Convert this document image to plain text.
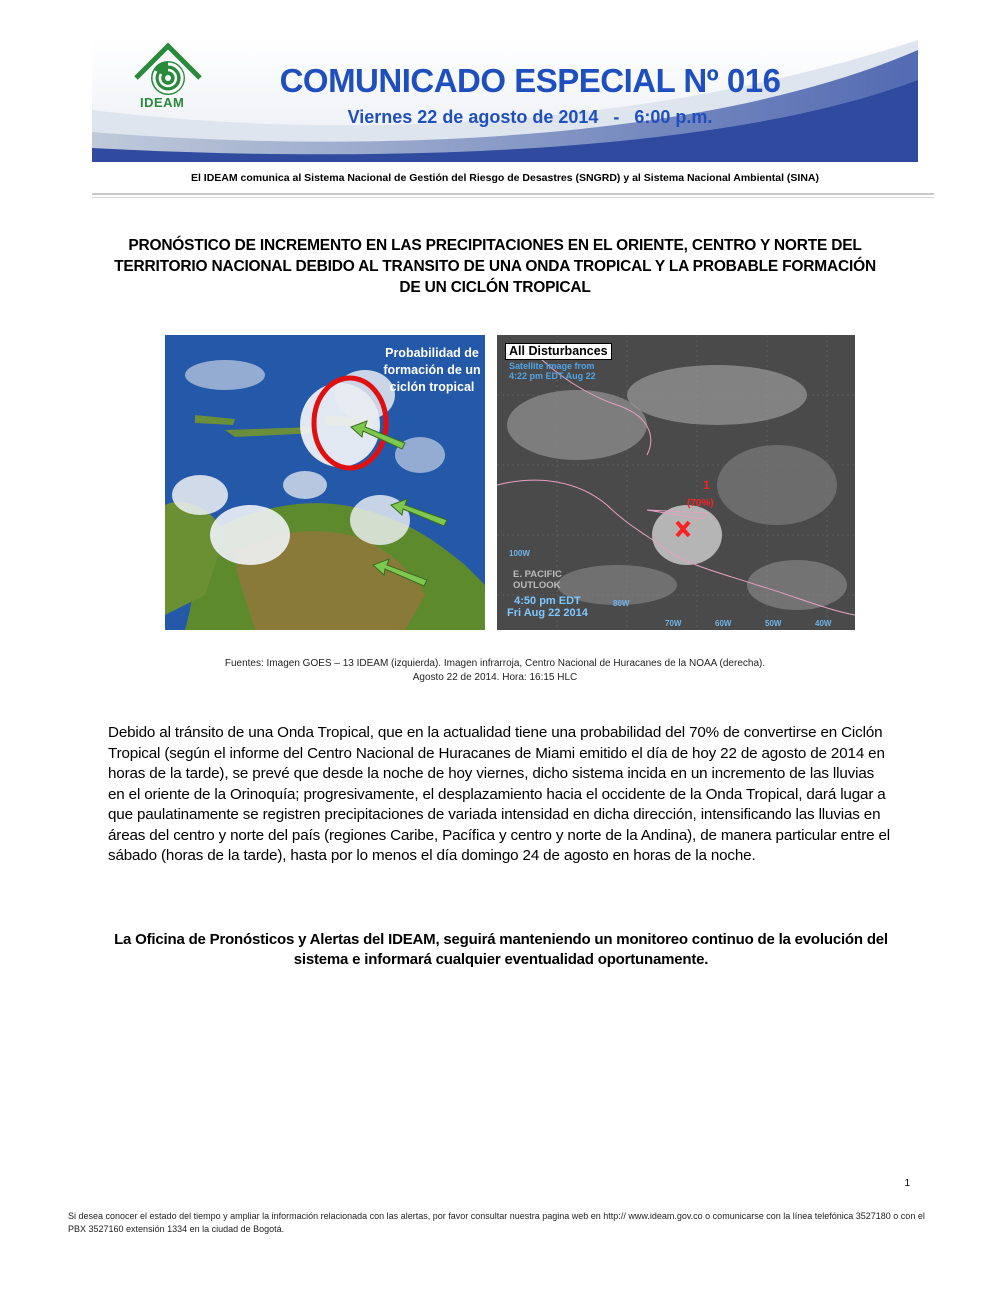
IDEAM
COMUNICADO ESPECIAL Nº 016
Viernes 22 de agosto de 2014   -   6:00 p.m.
El IDEAM comunica al Sistema Nacional de Gestión del Riesgo de Desastres (SNGRD) y al Sistema Nacional Ambiental (SINA)
PRONÓSTICO DE INCREMENTO EN LAS PRECIPITACIONES EN EL ORIENTE, CENTRO Y NORTE DEL TERRITORIO NACIONAL DEBIDO AL TRANSITO DE UNA ONDA TROPICAL Y LA PROBABLE FORMACIÓN DE UN CICLÓN TROPICAL
Probabilidad de formación de un ciclón tropical
All Disturbances
Satellite image from
4:22 pm EDT Aug 22
1
(70%)
100W
E. PACIFIC
OUTLOOK
4:50 pm EDT
Fri Aug 22 2014
80W
70W	60W	50W	40W
Fuentes: Imagen GOES – 13 IDEAM (izquierda). Imagen infrarroja, Centro Nacional de Huracanes de la NOAA (derecha).
Agosto 22 de 2014. Hora: 16:15 HLC
Debido al tránsito de una Onda Tropical, que en la actualidad tiene una probabilidad del 70% de convertirse en Ciclón Tropical (según el informe del Centro Nacional de Huracanes de Miami emitido el día de hoy 22 de agosto de 2014 en horas de la tarde), se prevé que desde la noche de hoy viernes, dicho sistema incida en un incremento de las lluvias en el oriente de la Orinoquía; progresivamente, el desplazamiento hacia el occidente de la Onda Tropical, dará lugar a que paulatinamente se registren precipitaciones de variada intensidad en dicha dirección, intensificando las lluvias en áreas del centro y norte del país (regiones Caribe, Pacífica y centro y norte de la Andina), de manera particular entre el sábado (horas de la tarde), hasta por lo menos el día domingo 24 de agosto en horas de la noche.
La Oficina de Pronósticos y Alertas del IDEAM, seguirá manteniendo un monitoreo continuo de la evolución del sistema e informará cualquier eventualidad oportunamente.
1
Si desea conocer el estado del tiempo y ampliar la información relacionada con las alertas, por favor consultar nuestra pagina web en http:// www.ideam.gov.co o comunicarse con la línea telefónica 3527180 o con el PBX 3527160 extensión 1334 en la ciudad de Bogotá.
